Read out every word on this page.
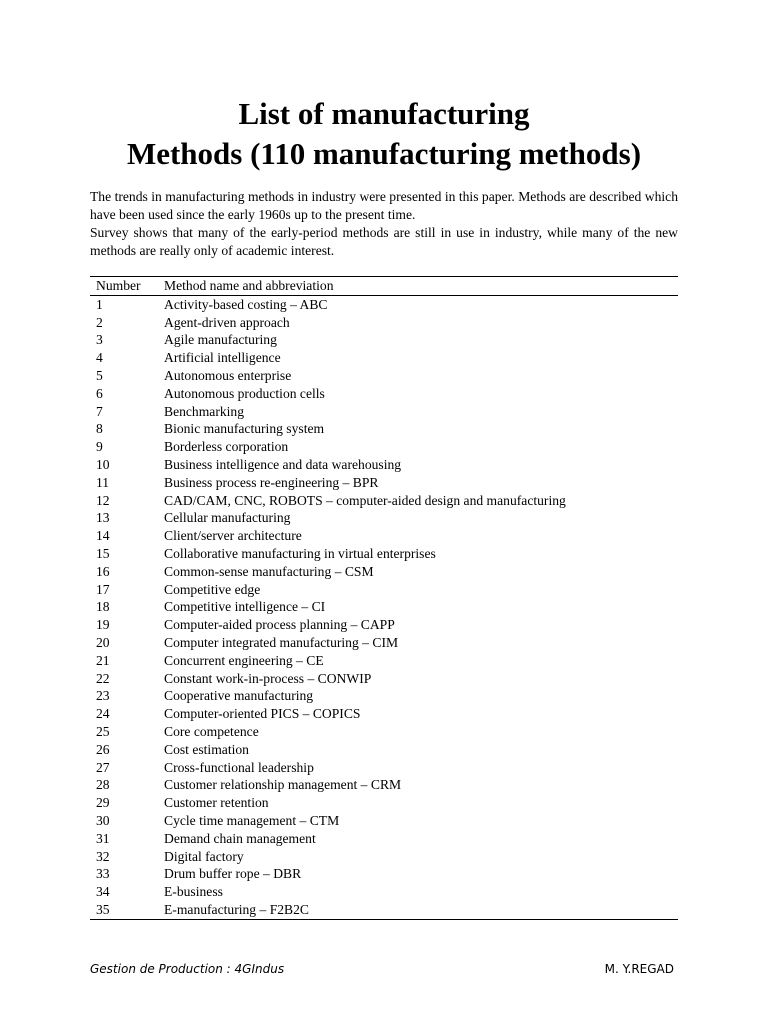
List of manufacturing
Methods (110 manufacturing methods)

The trends in manufacturing methods in industry were presented in this paper. Methods are described which have been used since the early 1960s up to the present time.

Survey shows that many of the early-period methods are still in use in industry, while many of the new methods are really only of academic interest.

Number	Method name and abbreviation
1	Activity-based costing – ABC
2	Agent-driven approach
3	Agile manufacturing
4	Artificial intelligence
5	Autonomous enterprise
6	Autonomous production cells
7	Benchmarking
8	Bionic manufacturing system
9	Borderless corporation
10	Business intelligence and data warehousing
11	Business process re-engineering – BPR
12	CAD/CAM, CNC, ROBOTS – computer-aided design and manufacturing
13	Cellular manufacturing
14	Client/server architecture
15	Collaborative manufacturing in virtual enterprises
16	Common-sense manufacturing – CSM
17	Competitive edge
18	Competitive intelligence – CI
19	Computer-aided process planning – CAPP
20	Computer integrated manufacturing – CIM
21	Concurrent engineering – CE
22	Constant work-in-process – CONWIP
23	Cooperative manufacturing
24	Computer-oriented PICS – COPICS
25	Core competence
26	Cost estimation
27	Cross-functional leadership
28	Customer relationship management – CRM
29	Customer retention
30	Cycle time management – CTM
31	Demand chain management
32	Digital factory
33	Drum buffer rope – DBR
34	E-business
35	E-manufacturing – F2B2C
Gestion de Production : 4GIndus	M. Y.REGAD
